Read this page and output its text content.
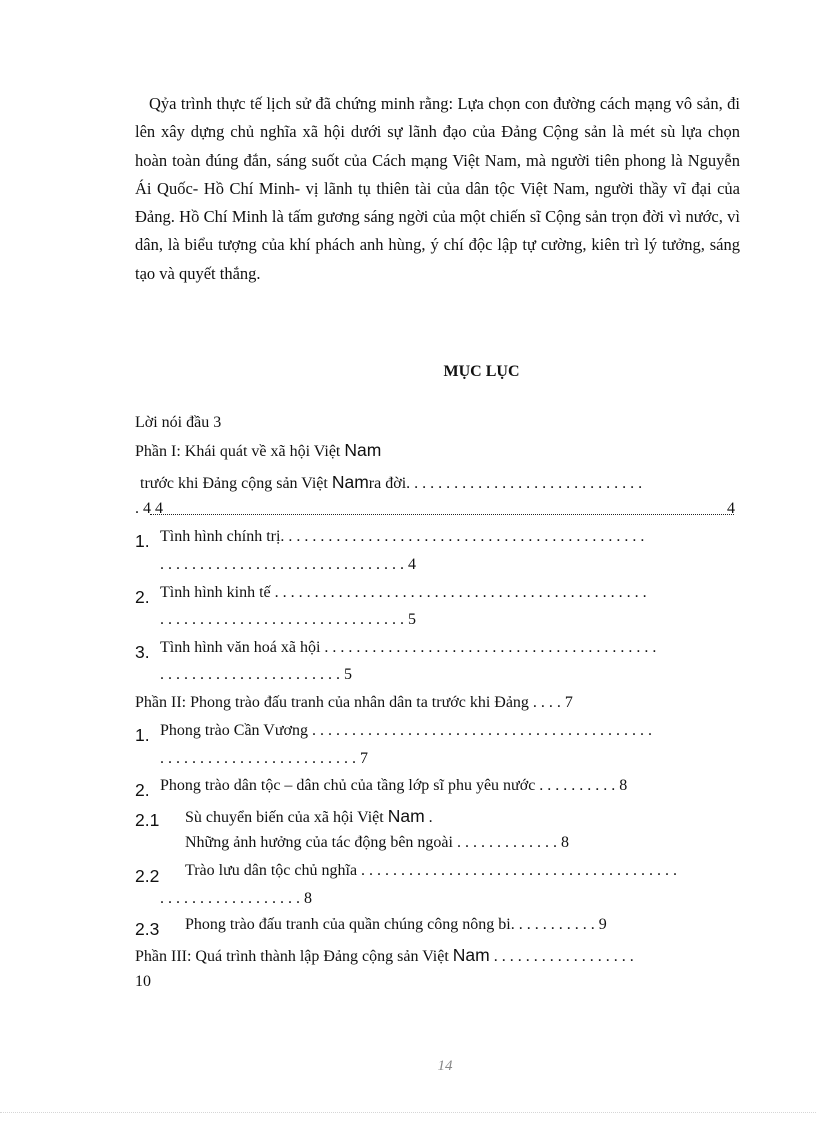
Qỷa trình thực tế lịch sử đã chứng minh rằng: Lựa chọn con đường cách mạng vô sản, đi lên xây dựng chủ nghĩa xã hội dưới sự lãnh đạo của Đảng Cộng sản là mét sù lựa chọn hoàn toàn đúng đắn, sáng suốt của Cách mạng Việt Nam, mà người tiên phong là Nguyễn Ái Quốc- Hồ Chí Minh- vị lãnh tụ thiên tài của dân tộc Việt Nam, người thầy vĩ đại của Đảng. Hồ Chí Minh là tấm gương sáng ngời của một chiến sĩ Cộng sản trọn đời vì nước, vì dân, là biểu tượng của khí phách anh hùng, ý chí độc lập tự cường, kiên trì lý tưởng, sáng tạo và quyết thắng.

MỤC LỤC
Lời nói đầu 3
Phần I: Khái quát về xã hội Việt Nam
trước khi Đảng cộng sản Việt Namra đời. . . . . . . . . . . . . . . . . . . . . . . . . . . . . .
. 4 4	4
1. Tình hình chính trị. . . . . . . . . . . . . . . . . . . . . . . . . . . . . . . . . . . . . . . . . . . . . .
. . . . . . . . . . . . . . . . . . . . . . . . . . . . . . . 4
2. Tình hình kinh tế . . . . . . . . . . . . . . . . . . . . . . . . . . . . . . . . . . . . . . . . . . . . . . .
. . . . . . . . . . . . . . . . . . . . . . . . . . . . . . . 5
3. Tình hình văn hoá xã hội . . . . . . . . . . . . . . . . . . . . . . . . . . . . . . . . . . . . . . . . . .
. . . . . . . . . . . . . . . . . . . . . . . 5
Phần II: Phong trào đấu tranh của nhân dân ta trước khi Đảng . . . . 7
1. Phong trào Cần Vương . . . . . . . . . . . . . . . . . . . . . . . . . . . . . . . . . . . . . . . . . . .
. . . . . . . . . . . . . . . . . . . . . . . . . 7
2. Phong trào dân tộc – dân chủ của tầng lớp sĩ phu yêu nước . . . . . . . . . . 8
2.1 Sù chuyển biến của xã hội Việt Nam .
Những ảnh hưởng của tác động bên ngoài . . . . . . . . . . . . . 8
2.2 Trào lưu dân tộc chủ nghĩa . . . . . . . . . . . . . . . . . . . . . . . . . . . . . . . . . . . . . . . .
. . . . . . . . . . . . . . . . . . 8
2.3 Phong trào đấu tranh của quần chúng công nông bi. . . . . . . . . . . 9
Phần III: Quá trình thành lập Đảng cộng sản Việt Nam . . . . . . . . . . . . . . . . . .
10
14
